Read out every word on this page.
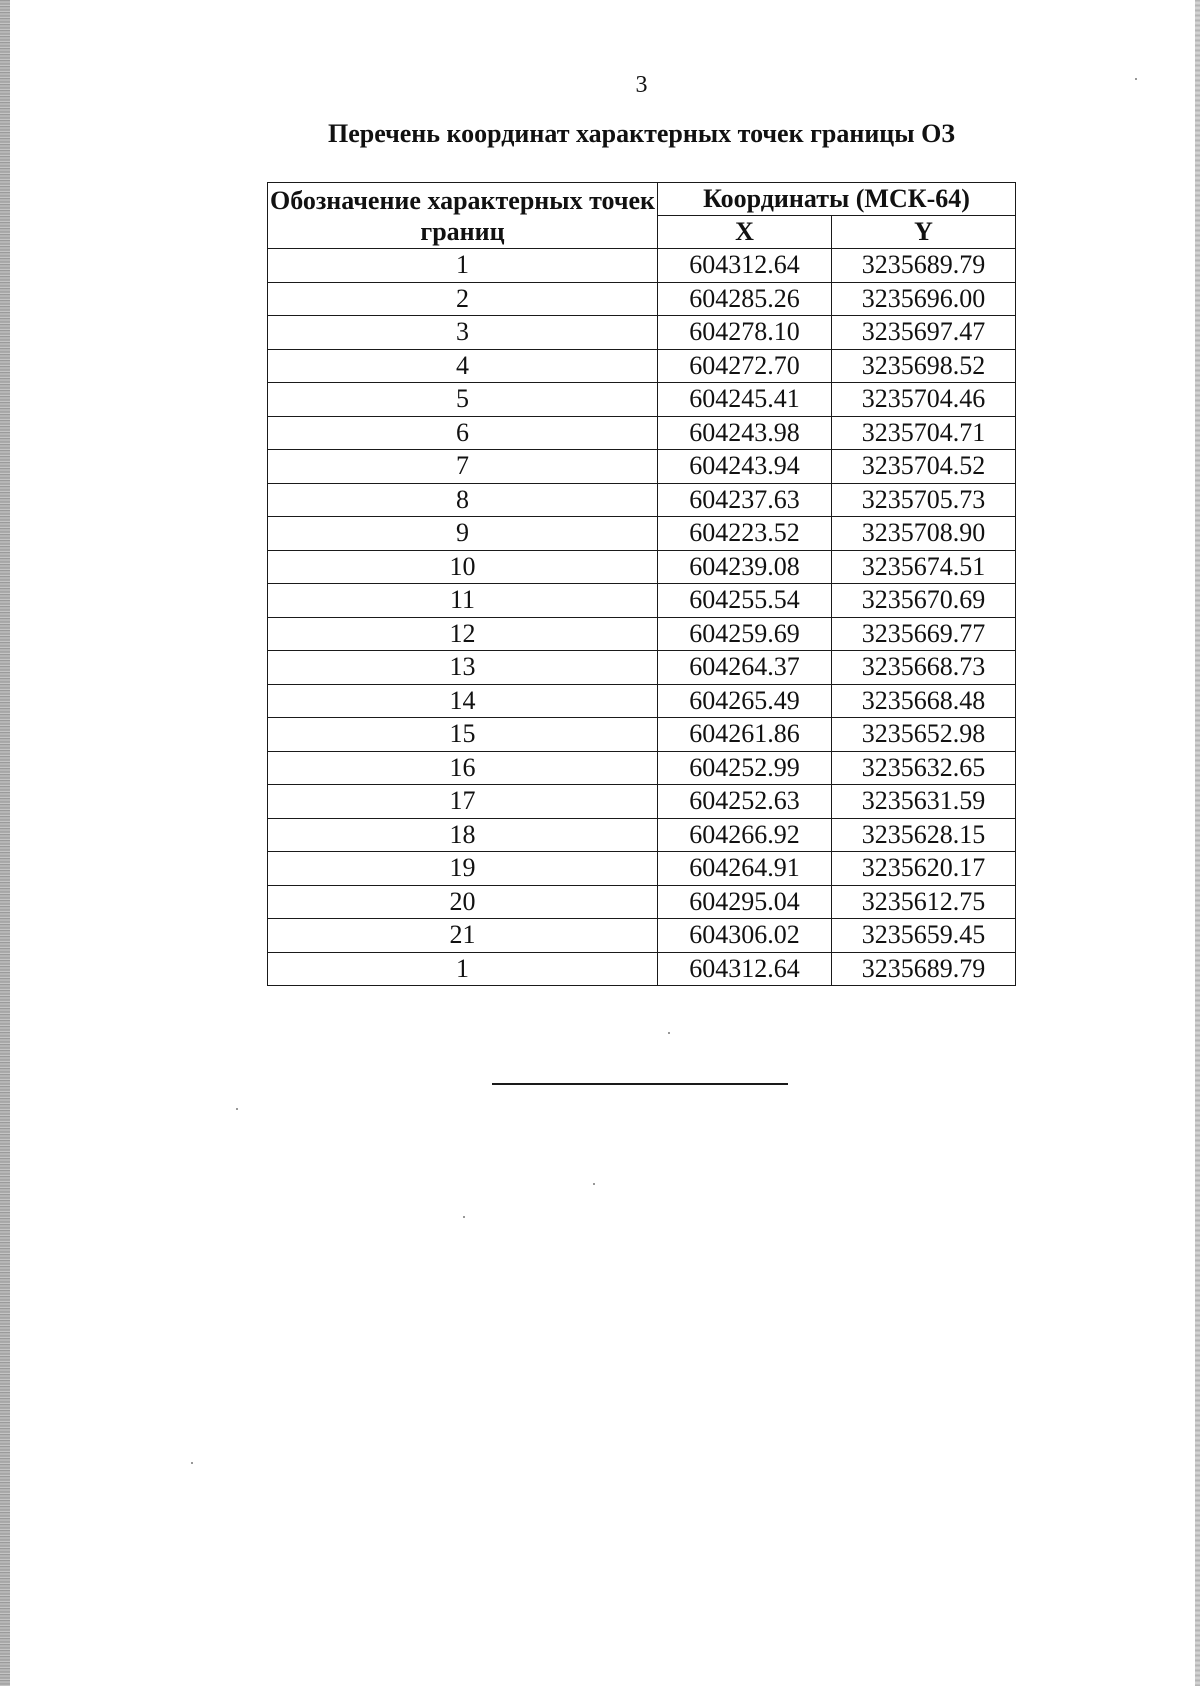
3
Перечень координат характерных точек границы ОЗ
Обозначение характерных точек границ	Координаты (МСК-64)	
	X	Y
1	604312.64	3235689.79
2	604285.26	3235696.00
3	604278.10	3235697.47
4	604272.70	3235698.52
5	604245.41	3235704.46
6	604243.98	3235704.71
7	604243.94	3235704.52
8	604237.63	3235705.73
9	604223.52	3235708.90
10	604239.08	3235674.51
11	604255.54	3235670.69
12	604259.69	3235669.77
13	604264.37	3235668.73
14	604265.49	3235668.48
15	604261.86	3235652.98
16	604252.99	3235632.65
17	604252.63	3235631.59
18	604266.92	3235628.15
19	604264.91	3235620.17
20	604295.04	3235612.75
21	604306.02	3235659.45
1	604312.64	3235689.79
